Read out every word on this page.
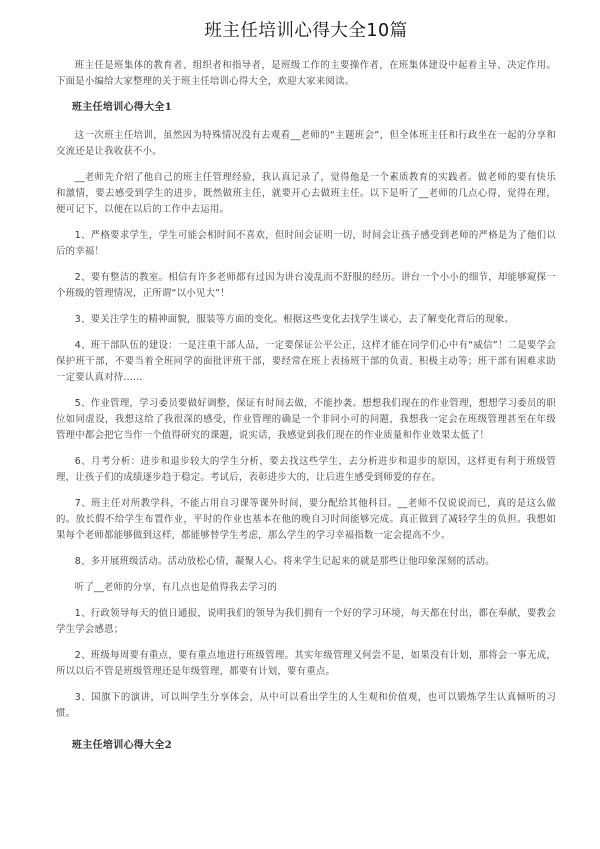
班主任培训心得大全10篇

班主任是班集体的教育者、组织者和指导者，是班级工作的主要操作者，在班集体建设中起着主导、决定作用。下面是小编给大家整理的关于班主任培训心得大全，欢迎大家来阅读。

班主任培训心得大全1

这一次班主任培训，虽然因为特殊情况没有去观看__老师的“主题班会”，但全体班主任和行政坐在一起的分享和交流还是让我收获不小。

__老师先介绍了他自己的班主任管理经验，我认真记录了，觉得他是一个素质教育的实践者。做老师的要有快乐和激情，要去感受到学生的进步，既然做班主任，就要开心去做班主任。以下是听了__老师的几点心得，觉得在理，便可记下，以便在以后的工作中去运用。

1、严格要求学生，学生可能会相时间不喜欢，但时间会证明一切，时间会让孩子感受到老师的严格是为了他们以后的幸福！

2、要有整洁的教室。相信有许多老师都有过因为讲台凌乱而不舒服的经历。讲台一个小小的细节，却能够窥探一个班级的管理情况，正所谓“以小见大”！

3、要关注学生的精神面貌，服装等方面的变化。根据这些变化去找学生谈心，去了解变化背后的现象。

4、班干部队伍的建设：一是注重干部人品，一定要保证公平公正，这样才能在同学们心中有“威信”！二是要学会保护班干部，不要当着全班同学的面批评班干部，要经常在班上表扬班干部的负责、积极主动等；班干部有困难求助一定要认真对待……

5、作业管理，学习委员要做好调整，保证有时间去做，不能抄袭。想想我们现在的作业管理，想想学习委员的职位如同虚设，我想这给了我很深的感受，作业管理的确是一个非同小可的问题，我想我一定会在班级管理甚至在年级管理中都会把它当作一个值得研究的课题，说实话，我感觉到我们现在的作业质量和作业效果太低了！

6、月考分析：进步和退步较大的学生分析，要去找这些学生，去分析进步和退步的原因，这样更有利于班级管理，让孩子们的成绩逐步趋于稳定。考试后，表彰进步大的，让后进生感受到师爱的存在。

7、班主任对所教学科，不能占用自习课等课外时间，要分配给其他科目。__老师不仅说说而已，真的是这么做的。放长假不给学生布置作业，平时的作业也基本在他的晚自习时间能够完成。真正做到了减轻学生的负担。我想如果每个老师都能够做到这样，都能够替学生考虑，那么学生的学习幸福指数一定会提高不少。

8、多开展班级活动。活动放松心情，凝聚人心。将来学生记起来的就是那些让他印象深刻的活动。

听了__老师的分享，有几点也是值得我去学习的

1、行政领导每天的值日通报，说明我们的领导为我们拥有一个好的学习环境，每天都在付出，都在奉献，要教会学生学会感恩；

2、班级每周要有重点，要有重点地进行班级管理。其实年级管理又何尝不是，如果没有计划，那将会一事无成，所以以后不管是班级管理还是年级管理，都要有计划，要有重点。

3、国旗下的演讲，可以叫学生分享体会，从中可以看出学生的人生观和价值观，也可以锻炼学生认真倾听的习惯。

班主任培训心得大全2
